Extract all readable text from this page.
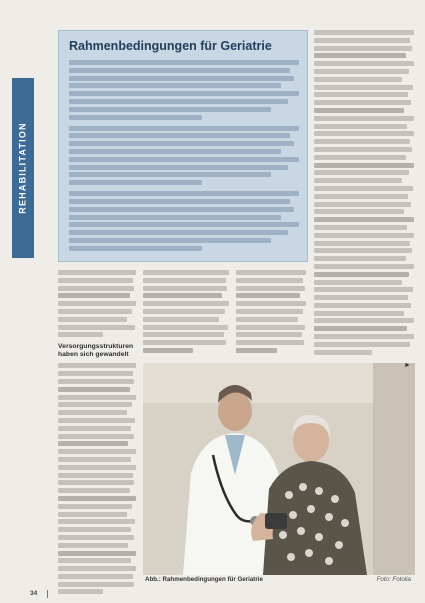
REHABILITATION
Rahmenbedingungen für Geriatrie
Versorgungsstrukturen haben sich gewandelt
Abb.: Rahmenbedingungen für Geriatrie	Foto: Fotolia
►
34
